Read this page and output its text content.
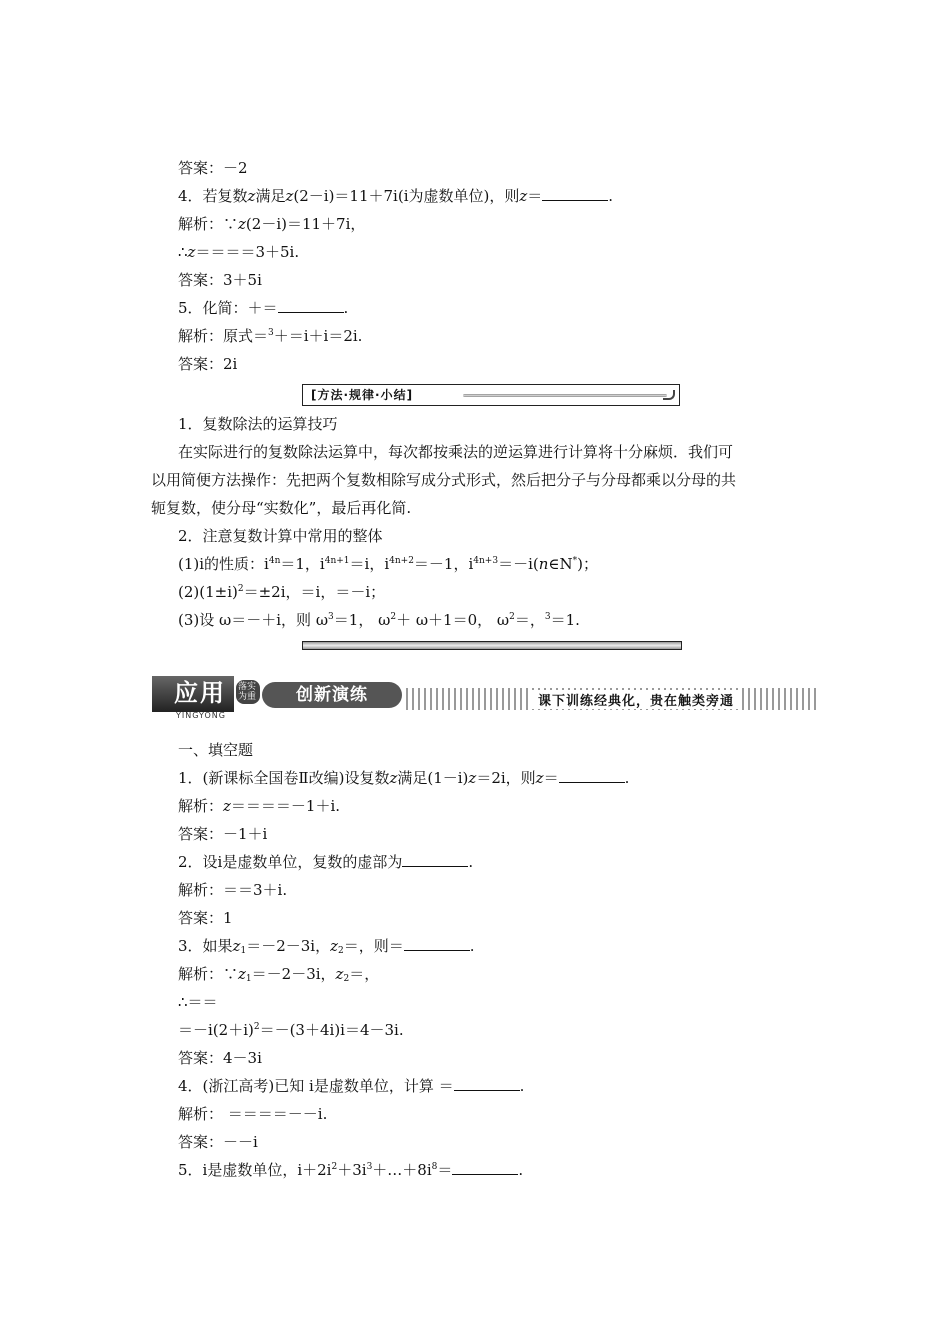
答案：－2
4．若复数z满足z(2－i)＝11＋7i(i为虚数单位)，则z＝	.
解析：∵z(2－i)＝11＋7i，
∴z＝＝＝＝3＋5i.
答案：3＋5i
5．化简：＋＝	.
解析：原式＝$^3$＋＝i＋i＝2i.
答案：2i
[方法·规律·小结]
1．复数除法的运算技巧
在实际进行的复数除法运算中，每次都按乘法的逆运算进行计算将十分麻烦．我们可
以用简便方法操作：先把两个复数相除写成分式形式，然后把分子与分母都乘以分母的共
轭复数，使分母“实数化”，最后再化简.
2．注意复数计算中常用的整体
(1)i的性质：$i^{4n}=1$，$i^{4n+1}=i$，$i^{4n+2}=-1$，$i^{4n+3}=-i(n\in N^*)$；
$(2)(1\pm i)^2=\pm 2i$，＝i，＝－i；
(3)设 ω＝－＋i，则 $\omega^3=1$， $\omega^2+ \omega+1=0$， $\omega^2=$，$^3$＝1.
应用
YINGYONG
落实为重	创新演练	课下训练经典化，贵在触类旁通
一、填空题
1．(新课标全国卷Ⅱ改编)设复数z满足(1－i)z＝2i，则z＝	.
解析：z＝＝＝＝－1＋i.
答案：－1＋i
2．设i是虚数单位，复数的虚部为	.
解析：＝＝3＋i.
答案：1
3．如果$z_1=-2-3i$，$z_2=$，则＝	.
解析：$\because z_1=-2-3i$，$z_2=$，
∴＝＝
$=-i(2+i)^2=-(3+4i)i=4-3i$.
答案：4－3i
4．(浙江高考)已知 i是虚数单位，计算 ＝	.
解析： ＝＝＝＝－－i.
答案：－－i
5．i是虚数单位，$i+2i^2+3i^3+\dots+8i^8=$	.
